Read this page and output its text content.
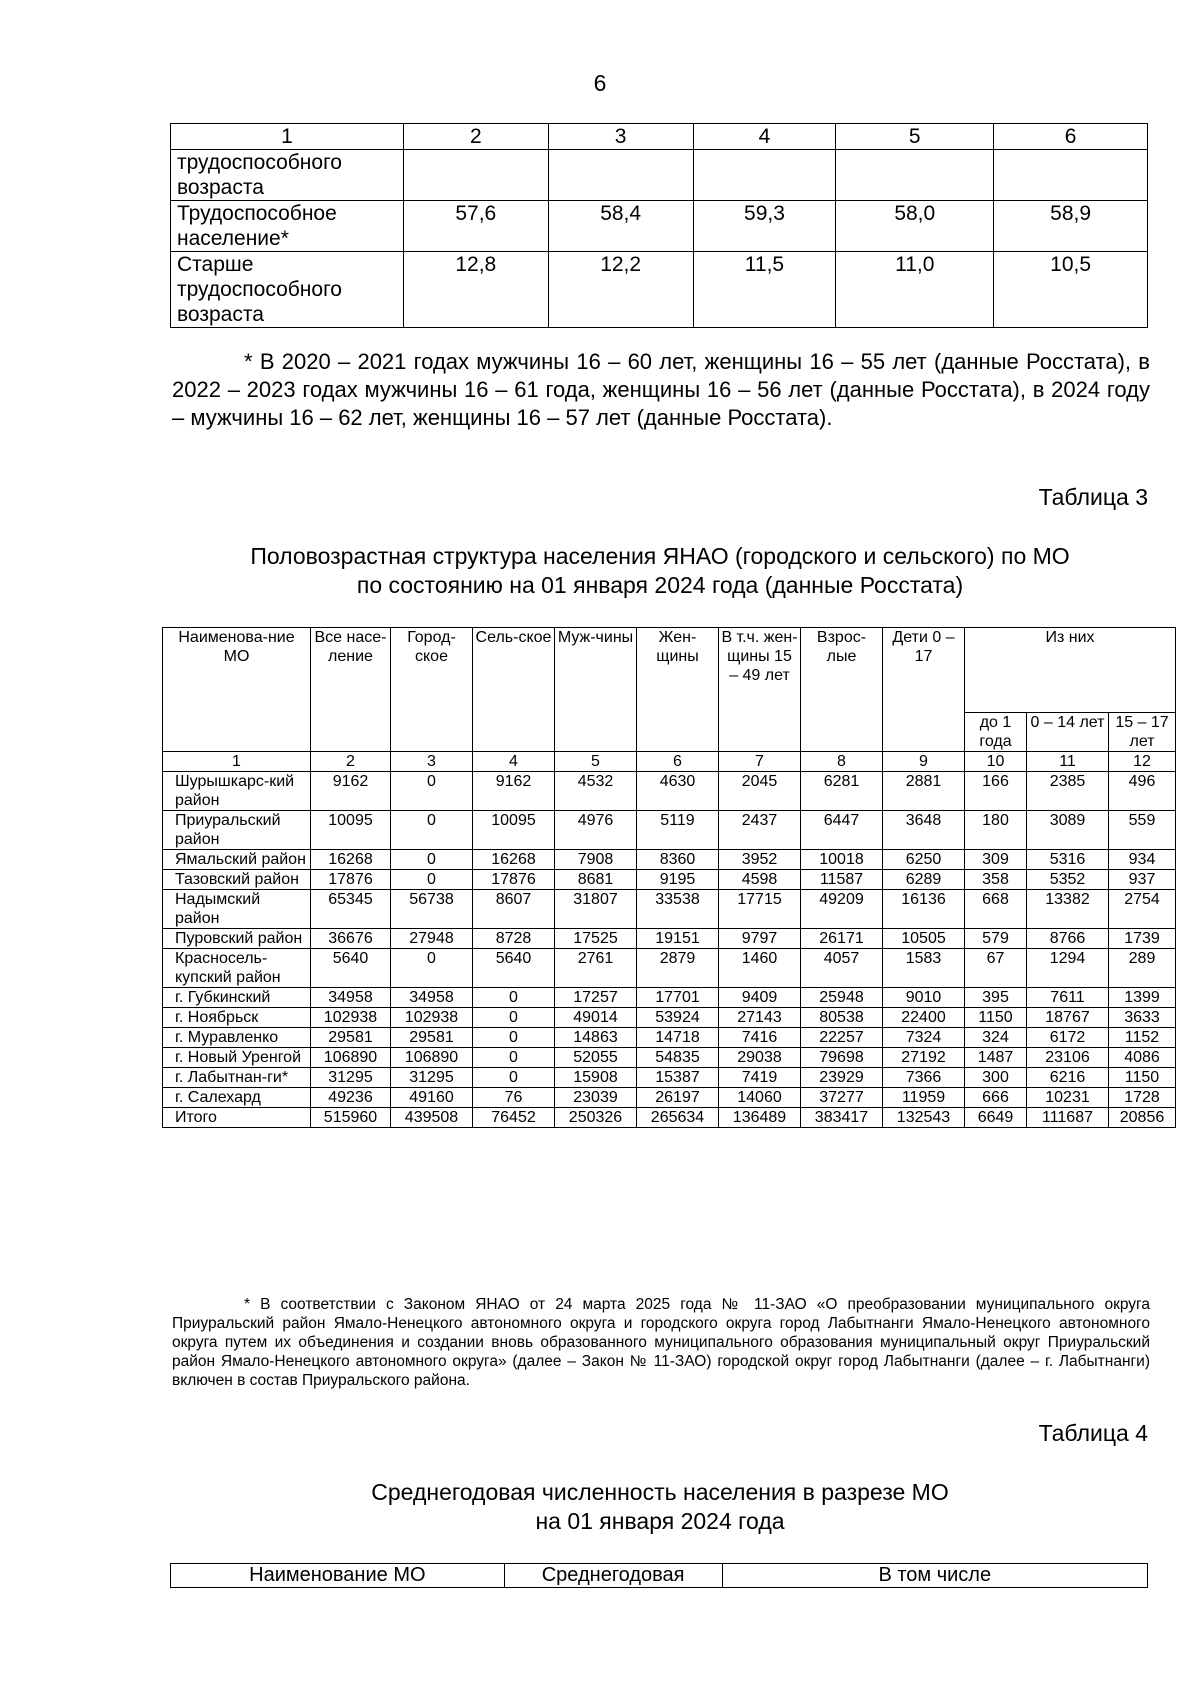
6
1	2	3	4	5	6
трудоспособного возраста					
Трудоспособное население*	57,6	58,4	59,3	58,0	58,9
Старше трудоспособного возраста	12,8	12,2	11,5	11,0	10,5
* В 2020 – 2021 годах мужчины 16 – 60 лет, женщины 16 – 55 лет (данные Росстата), в 2022 – 2023 годах мужчины 16 – 61 года, женщины 16 – 56 лет (данные Росстата), в 2024 году – мужчины 16 – 62 лет, женщины 16 – 57 лет (данные Росстата).
Таблица 3
Половозрастная структура населения ЯНАО (городского и сельского) по МО
по состоянию на 01 января 2024 года (данные Росстата)
Наименова-ние МО	Все насе-ление	Город-ское	Сель-ское	Муж-чины	Жен-щины	В т.ч. жен-щины 15 – 49 лет	Взрос-лые	Дети 0 – 17	Из них		
									до 1 года	0 – 14 лет	15 – 17 лет
1	2	3	4	5	6	7	8	9	10	11	12
Шурышкарс-кий район	9162	0	9162	4532	4630	2045	6281	2881	166	2385	496
Приуральский район	10095	0	10095	4976	5119	2437	6447	3648	180	3089	559
Ямальский район	16268	0	16268	7908	8360	3952	10018	6250	309	5316	934
Тазовский район	17876	0	17876	8681	9195	4598	11587	6289	358	5352	937
Надымский район	65345	56738	8607	31807	33538	17715	49209	16136	668	13382	2754
Пуровский район	36676	27948	8728	17525	19151	9797	26171	10505	579	8766	1739
Красносель-купский район	5640	0	5640	2761	2879	1460	4057	1583	67	1294	289
г. Губкинский	34958	34958	0	17257	17701	9409	25948	9010	395	7611	1399
г. Ноябрьск	102938	102938	0	49014	53924	27143	80538	22400	1150	18767	3633
г. Муравленко	29581	29581	0	14863	14718	7416	22257	7324	324	6172	1152
г. Новый Уренгой	106890	106890	0	52055	54835	29038	79698	27192	1487	23106	4086
г. Лабытнан-ги*	31295	31295	0	15908	15387	7419	23929	7366	300	6216	1150
г. Салехард	49236	49160	76	23039	26197	14060	37277	11959	666	10231	1728
Итого	515960	439508	76452	250326	265634	136489	383417	132543	6649	111687	20856
* В соответствии с Законом ЯНАО от 24 марта 2025 года № 11-ЗАО «О преобразовании муниципального округа Приуральский район Ямало-Ненецкого автономного округа и городского округа город Лабытнанги Ямало-Ненецкого автономного округа путем их объединения и создании вновь образованного муниципального образования муниципальный округ Приуральский район Ямало-Ненецкого автономного округа» (далее – Закон № 11-ЗАО) городской округ город Лабытнанги (далее – г. Лабытнанги) включен в состав Приуральского района.
Таблица 4
Среднегодовая численность населения в разрезе МО
на 01 января 2024 года
Наименование МО	Среднегодовая	В том числе
